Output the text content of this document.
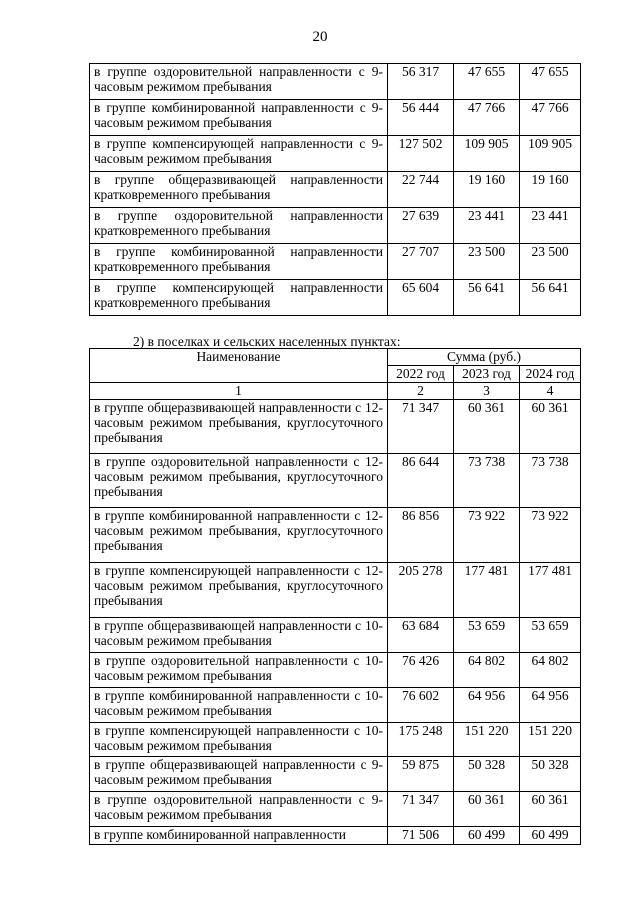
20
в группе оздоровительной направленности с 9-часовым режимом пребывания	56 317	47 655	47 655
в группе комбинированной направленности с 9-часовым режимом пребывания	56 444	47 766	47 766
в группе компенсирующей направленности с 9-часовым режимом пребывания	127 502	109 905	109 905
в группе общеразвивающей направленности кратковременного пребывания	22 744	19 160	19 160
в группе оздоровительной направленности кратковременного пребывания	27 639	23 441	23 441
в группе комбинированной направленности кратковременного пребывания	27 707	23 500	23 500
в группе компенсирующей направленности кратковременного пребывания	65 604	56 641	56 641
2) в поселках и сельских населенных пунктах:
Наименование	Сумма (руб.)		
	2022 год	2023 год	2024 год
1	2	3	4
в группе общеразвивающей направленности с 12-часовым режимом пребывания, круглосуточного пребывания	71 347	60 361	60 361
в группе оздоровительной направленности с 12-часовым режимом пребывания, круглосуточного пребывания	86 644	73 738	73 738
в группе комбинированной направленности с 12-часовым режимом пребывания, круглосуточного пребывания	86 856	73 922	73 922
в группе компенсирующей направленности с 12-часовым режимом пребывания, круглосуточного пребывания	205 278	177 481	177 481
в группе общеразвивающей направленности с 10-часовым режимом пребывания	63 684	53 659	53 659
в группе оздоровительной направленности с 10-часовым режимом пребывания	76 426	64 802	64 802
в группе комбинированной направленности с 10-часовым режимом пребывания	76 602	64 956	64 956
в группе компенсирующей направленности с 10-часовым режимом пребывания	175 248	151 220	151 220
в группе общеразвивающей направленности с 9-часовым режимом пребывания	59 875	50 328	50 328
в группе оздоровительной направленности с 9-часовым режимом пребывания	71 347	60 361	60 361
в группе комбинированной направленности	71 506	60 499	60 499
